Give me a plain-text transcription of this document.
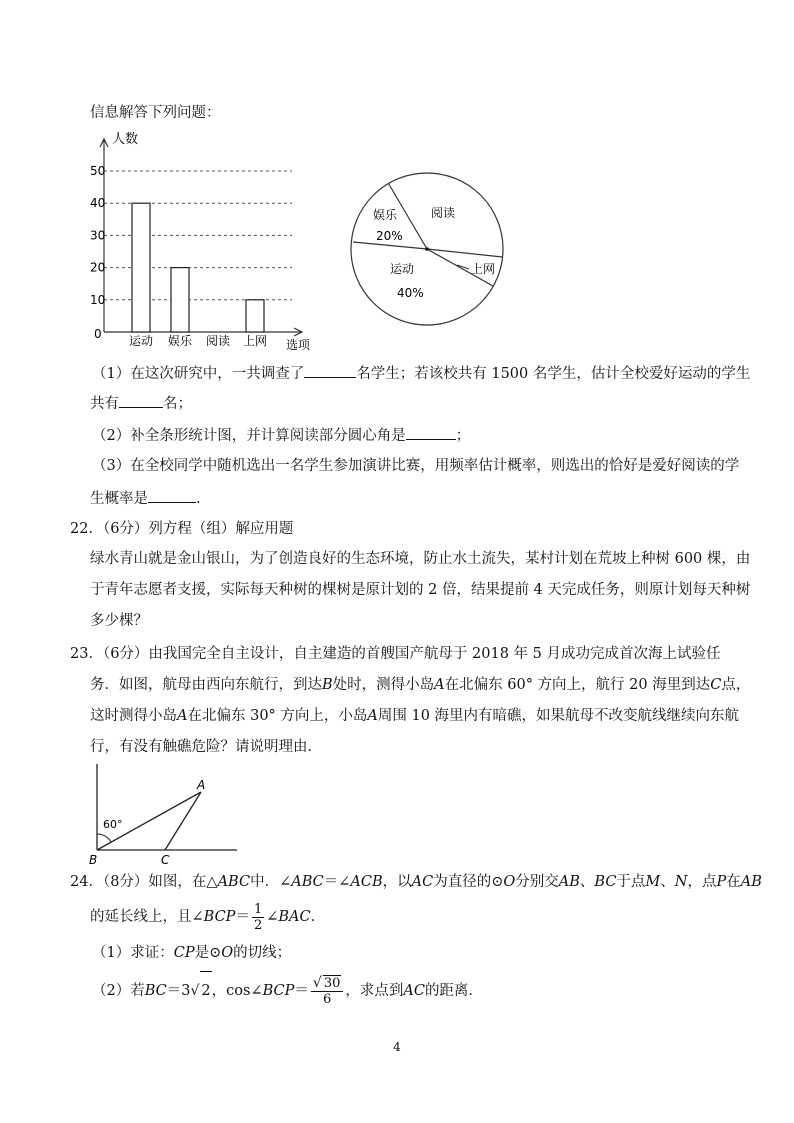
信息解答下列问题：
0
10
20
30
40
50
运动 娱乐 阅读 上网
人数
选项
阅读
娱乐
20%
运动
40%
上网
（1）在这次研究中，一共调查了	名学生；若该校共有 1500 名学生，估计全校爱好运动的学生
共有	名；
（2）补全条形统计图，并计算阅读部分圆心角是	；
（3）在全校同学中随机选出一名学生参加演讲比赛，用频率估计概率，则选出的恰好是爱好阅读的学
生概率是	.
22．（6分）列方程（组）解应用题
绿水青山就是金山银山，为了创造良好的生态环境，防止水土流失，某村计划在荒坡上种树 600 棵，由
于青年志愿者支援，实际每天种树的棵树是原计划的 2 倍，结果提前 4 天完成任务，则原计划每天种树
多少棵？
23．（6分）由我国完全自主设计，自主建造的首艘国产航母于 2018 年 5 月成功完成首次海上试验任
务．如图，航母由西向东航行，到达B处时，测得小岛A在北偏东 60° 方向上，航行 20 海里到达C点，
这时测得小岛A在北偏东 30° 方向上，小岛A周围 10 海里内有暗礁，如果航母不改变航线继续向东航
行，有没有触礁危险？请说明理由．
60°
A
B	C
24．（8分）如图，在△ABC中．∠ABC＝∠ACB，以AC为直径的⊙O分别交AB、BC于点M、N，点P在AB
的延长线上，且∠BCP＝ $\frac{1}{2}$ ∠BAC．
（1）求证：CP是⊙O的切线；
（2）若BC＝3√ 2，cos∠BCP＝ $\frac{√ 30}{6}$ ，求点到AC的距离．
4
